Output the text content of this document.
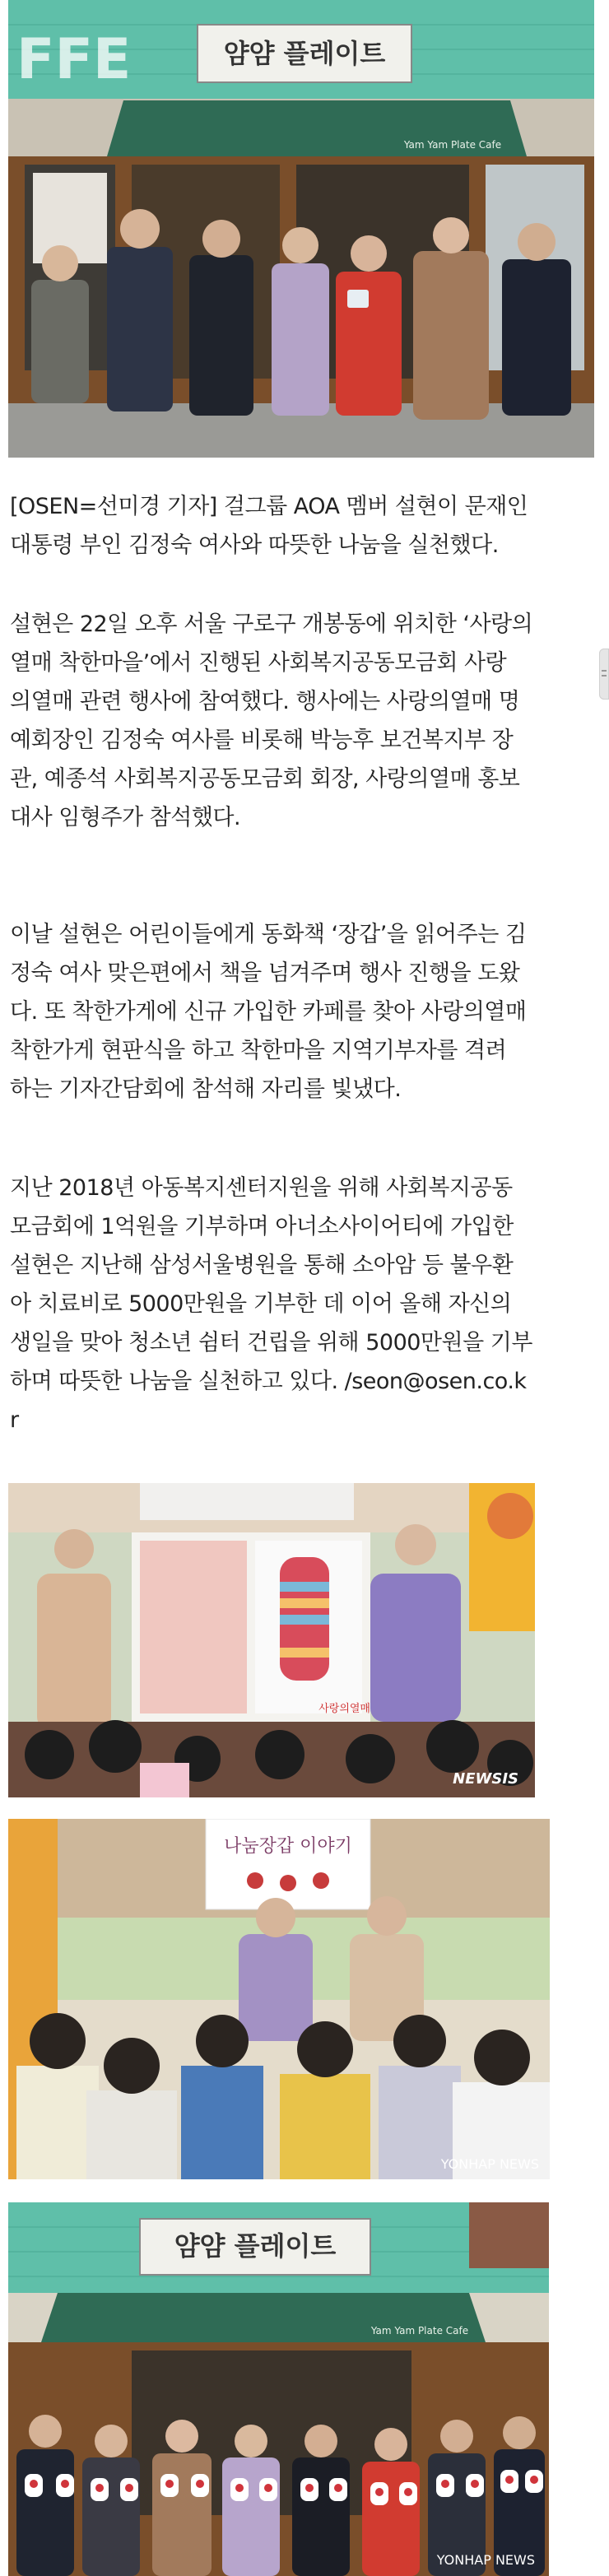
FFE	얌얌 플레이트
Yam Yam Plate Cafe

[OSEN=선미경 기자] 걸그룹 AOA 멤버 설현이 문재인
대통령 부인 김정숙 여사와 따뜻한 나눔을 실천했다.

설현은 22일 오후 서울 구로구 개봉동에 위치한 ‘사랑의
열매 착한마을’에서 진행된 사회복지공동모금회 사랑
의열매 관련 행사에 참여했다. 행사에는 사랑의열매 명
예회장인 김정숙 여사를 비롯해 박능후 보건복지부 장
관, 예종석 사회복지공동모금회 회장, 사랑의열매 홍보
대사 임형주가 참석했다.

이날 설현은 어린이들에게 동화책 ‘장갑’을 읽어주는 김
정숙 여사 맞은편에서 책을 넘겨주며 행사 진행을 도왔
다. 또 착한가게에 신규 가입한 카페를 찾아 사랑의열매
착한가게 현판식을 하고 착한마을 지역기부자를 격려
하는 기자간담회에 참석해 자리를 빛냈다.

지난 2018년 아동복지센터지원을 위해 사회복지공동
모금회에 1억원을 기부하며 아너소사이어티에 가입한
설현은 지난해 삼성서울병원을 통해 소아암 등 불우환
아 치료비로 5000만원을 기부한 데 이어 올해 자신의
생일을 맞아 청소년 쉼터 건립을 위해 5000만원을 기부
하며 따뜻한 나눔을 실천하고 있다. /seon@osen.co.k
r

사랑의열매
NEWSIS
나눔장갑 이야기
YONHAP NEWS
얌얌 플레이트
Yam Yam Plate Cafe
YONHAP NEWS
